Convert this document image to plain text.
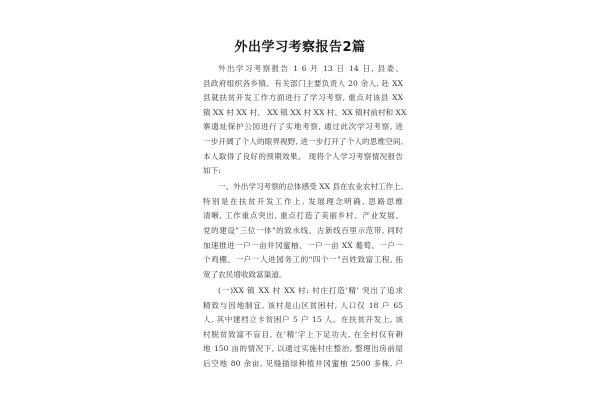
外出学习考察报告2篇

外出学习考察报告 1 6 月 13 日 14 日, 县委、

县政府组织各乡镇、有关部门主要负责人 20 余人, 赴 XX

县就扶贫开发工作方面进行了学习考察, 重点对该县 XX

镇 XX 村 XX 村、 XX 镇 XX 村 XX 村、XX 镇村前村和 XX

寨遗址保护公园进行了实地考察, 通过此次学习考察, 进

一步开阔了个人的眼界视野, 进一步打开了个人的思维空间,

本人取得了良好的预期效果。 现将个人学习考察情况报告

如下:

一、外出学习考察的总体感受 XX 县在农业农村工作上,

特别是在扶贫开发工作上, 发展理念明确, 思路思维

清晰, 工作重点突出, 重点打造了美丽乡村、产业发展、

党的建设"三位一体"的致水线、古新线百里示范带, 同时

加速推进一户一亩井冈蜜柚、一户一亩 XX 葡萄、一户一

个鸡棚、一户一人进园务工的"四个一"百姓致富工程, 拓

宽了农民增收致富渠道。

(一)XX 镇 XX 村 XX 村: 村庄打造'精' 突出了追求

精致与因地制宜, 该村是山区贫困村, 人口仅 18 户 65

人, 其中建档立卡贫困户 5 户 15 人。在扶贫开发上, 该

村脱贫致富不盲目, 在'精'字上下足功夫, 在全村仅有耕

地 150 亩的情况下, 以通过实施村庄整治, 整理出房前屋

后空地 80 余亩, 见缝插绿种植井冈蜜柚 2500 多株, 户
